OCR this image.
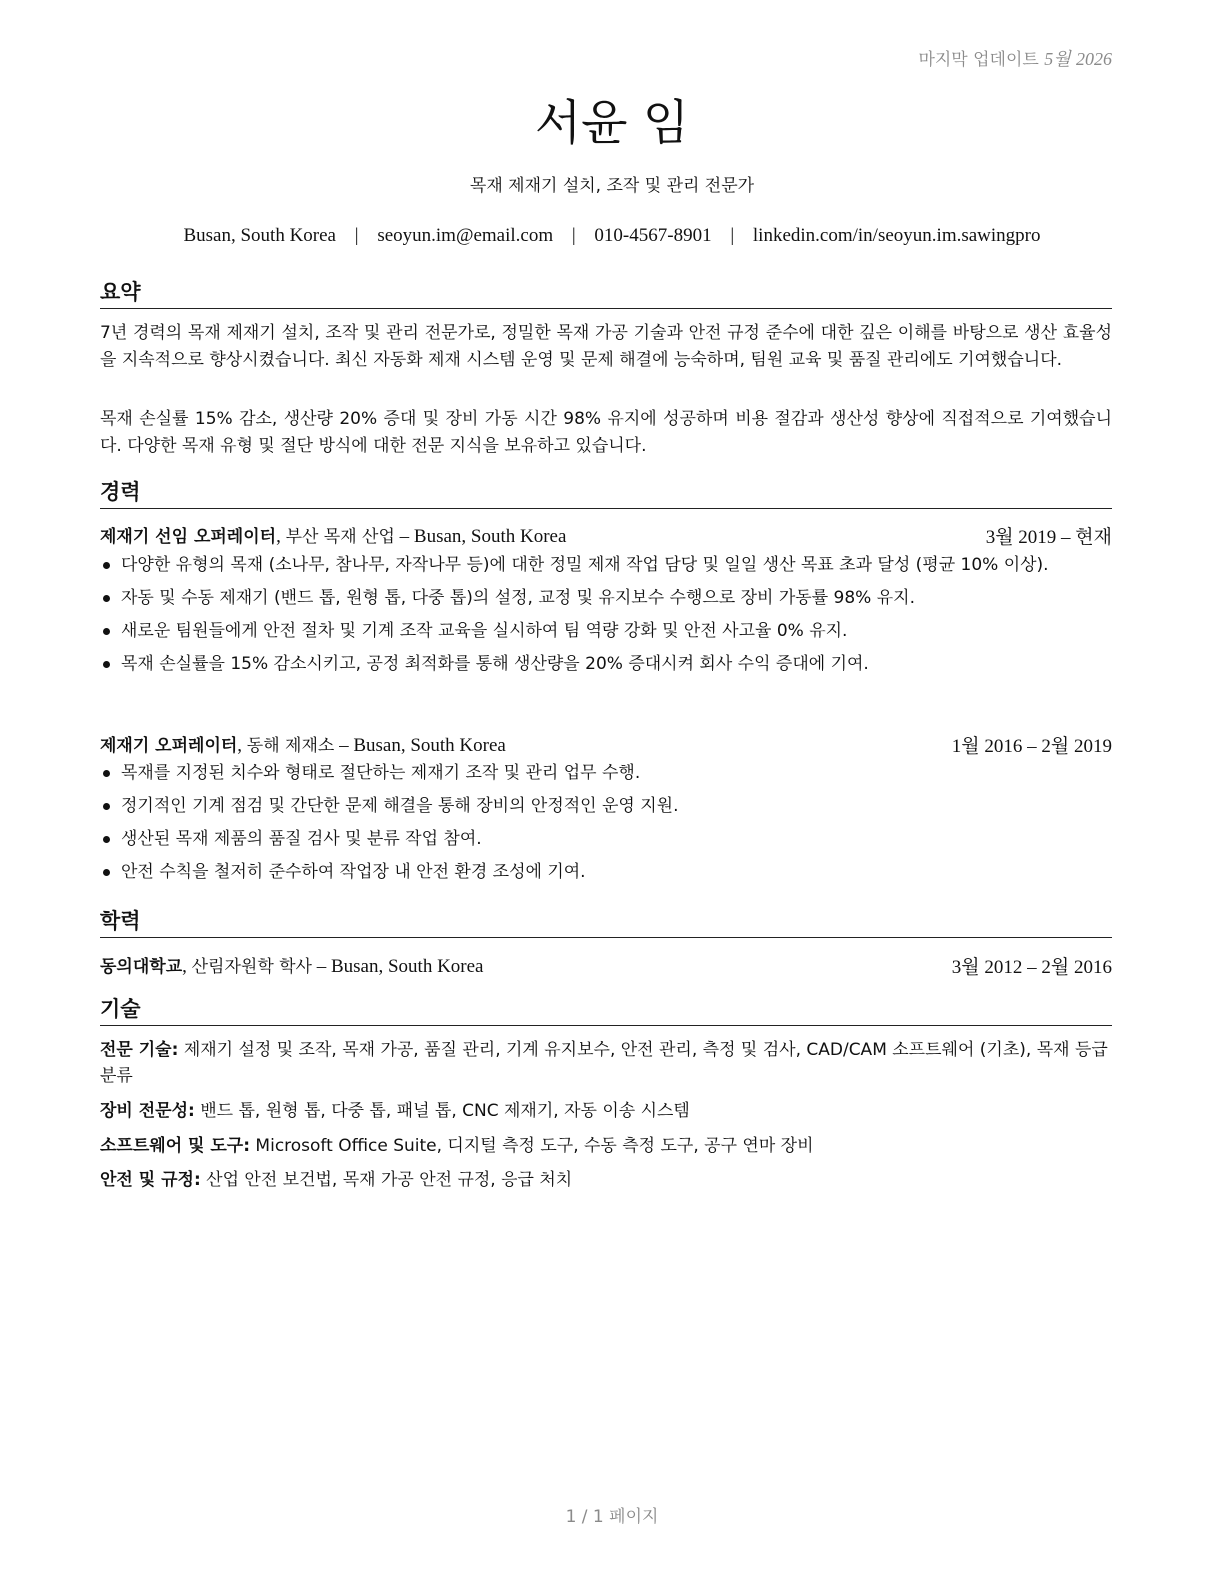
마지막 업데이트 5월 2026
서윤 임
목재 제재기 설치, 조작 및 관리 전문가
Busan, South Korea | seoyun.im@email.com | 010-4567-8901 | linkedin.com/in/seoyun.im.sawingpro
요약
7년 경력의 목재 제재기 설치, 조작 및 관리 전문가로, 정밀한 목재 가공 기술과 안전 규정 준수에 대한 깊은 이해를 바탕으로 생산 효율성을 지속적으로 향상시켰습니다. 최신 자동화 제재 시스템 운영 및 문제 해결에 능숙하며, 팀원 교육 및 품질 관리에도 기여했습니다.
목재 손실률 15% 감소, 생산량 20% 증대 및 장비 가동 시간 98% 유지에 성공하며 비용 절감과 생산성 향상에 직접적으로 기여했습니다. 다양한 목재 유형 및 절단 방식에 대한 전문 지식을 보유하고 있습니다.
경력
제재기 선임 오퍼레이터, 부산 목재 산업 – Busan, South Korea	3월 2019 – 현재
다양한 유형의 목재 (소나무, 참나무, 자작나무 등)에 대한 정밀 제재 작업 담당 및 일일 생산 목표 초과 달성 (평균 10% 이상).
자동 및 수동 제재기 (밴드 톱, 원형 톱, 다중 톱)의 설정, 교정 및 유지보수 수행으로 장비 가동률 98% 유지.
새로운 팀원들에게 안전 절차 및 기계 조작 교육을 실시하여 팀 역량 강화 및 안전 사고율 0% 유지.
목재 손실률을 15% 감소시키고, 공정 최적화를 통해 생산량을 20% 증대시켜 회사 수익 증대에 기여.
제재기 오퍼레이터, 동해 제재소 – Busan, South Korea	1월 2016 – 2월 2019
목재를 지정된 치수와 형태로 절단하는 제재기 조작 및 관리 업무 수행.
정기적인 기계 점검 및 간단한 문제 해결을 통해 장비의 안정적인 운영 지원.
생산된 목재 제품의 품질 검사 및 분류 작업 참여.
안전 수칙을 철저히 준수하여 작업장 내 안전 환경 조성에 기여.
학력
동의대학교, 산림자원학 학사 – Busan, South Korea	3월 2012 – 2월 2016
기술
전문 기술: 제재기 설정 및 조작, 목재 가공, 품질 관리, 기계 유지보수, 안전 관리, 측정 및 검사, CAD/CAM 소프트웨어 (기초), 목재 등급 분류
장비 전문성: 밴드 톱, 원형 톱, 다중 톱, 패널 톱, CNC 제재기, 자동 이송 시스템
소프트웨어 및 도구: Microsoft Office Suite, 디지털 측정 도구, 수동 측정 도구, 공구 연마 장비
안전 및 규정: 산업 안전 보건법, 목재 가공 안전 규정, 응급 처치
1 / 1 페이지
